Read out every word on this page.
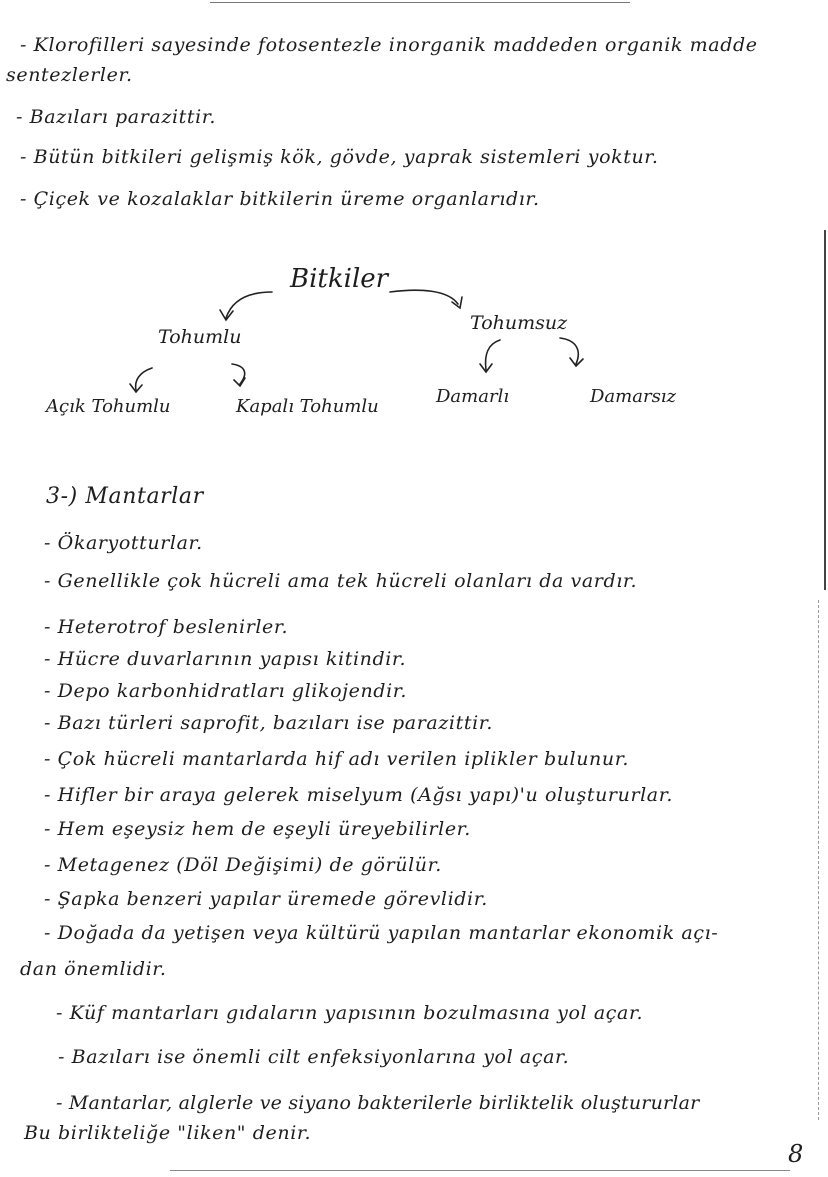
- Klorofilleri sayesinde fotosentezle inorganik maddeden organik madde
sentezlerler.
- Bazıları parazittir.
- Bütün bitkileri gelişmiş kök, gövde, yaprak sistemleri yoktur.
- Çiçek ve kozalaklar bitkilerin üreme organlarıdır.
Bitkiler
Tohumlu
Tohumsuz
Açık Tohumlu	Kapalı Tohumlu	Damarlı	Damarsız
3-) Mantarlar
- Ökaryotturlar.
- Genellikle çok hücreli ama tek hücreli olanları da vardır.
- Heterotrof beslenirler.
- Hücre duvarlarının yapısı kitindir.
- Depo karbonhidratları glikojendir.
- Bazı türleri saprofit, bazıları ise parazittir.
- Çok hücreli mantarlarda hif adı verilen iplikler bulunur.
- Hifler bir araya gelerek miselyum (Ağsı yapı)'u oluştururlar.
- Hem eşeysiz hem de eşeyli üreyebilirler.
- Metagenez (Döl Değişimi) de görülür.
- Şapka benzeri yapılar üremede görevlidir.
- Doğada da yetişen veya kültürü yapılan mantarlar ekonomik açı-
dan önemlidir.
- Küf mantarları gıdaların yapısının bozulmasına yol açar.
- Bazıları ise önemli cilt enfeksiyonlarına yol açar.
- Mantarlar, alglerle ve siyano bakterilerle birliktelik oluştururlar
Bu birlikteliğe "liken" denir.
8
